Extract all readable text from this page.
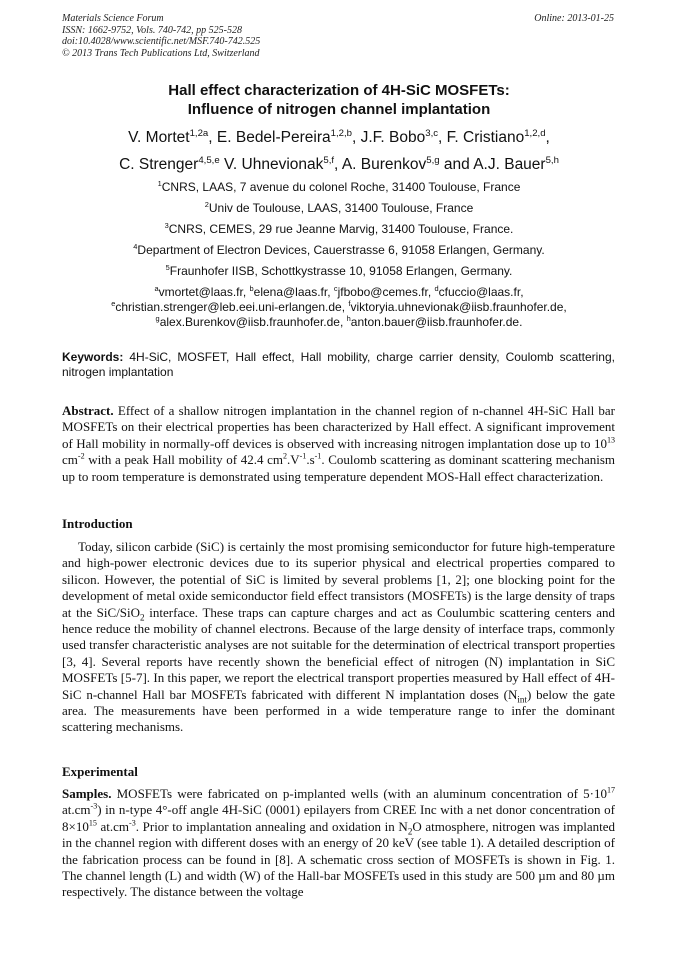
Materials Science Forum
ISSN: 1662-9752, Vols. 740-742, pp 525-528
doi:10.4028/www.scientific.net/MSF.740-742.525
© 2013 Trans Tech Publications Ltd, Switzerland
Online: 2013-01-25
Hall effect characterization of 4H-SiC MOSFETs:
Influence of nitrogen channel implantation
V. Mortet$^{1,2a}$, E. Bedel-Pereira$^{1,2,b}$, J.F. Bobo$^{3,c}$, F. Cristiano$^{1,2,d}$,
C. Strenger$^{4,5,e}$ V. Uhnevionak$^{5,f}$, A. Burenkov$^{5,g}$ and A.J. Bauer$^{5,h}$
$^1$CNRS, LAAS, 7 avenue du colonel Roche, 31400 Toulouse, France
$^2$Univ de Toulouse, LAAS, 31400 Toulouse, France
$^3$CNRS, CEMES, 29 rue Jeanne Marvig, 31400 Toulouse, France.
$^4$Department of Electron Devices, Cauerstrasse 6, 91058 Erlangen, Germany.
$^5$Fraunhofer IISB, Schottkystrasse 10, 91058 Erlangen, Germany.
$^a$vmortet@laas.fr, $^b$elena@laas.fr, $^c$jfbobo@cemes.fr, $^d$cfuccio@laas.fr,
$^e$christian.strenger@leb.eei.uni-erlangen.de, $^f$viktoryia.uhnevionak@iisb.fraunhofer.de,
$^g$alex.Burenkov@iisb.fraunhofer.de, $^h$anton.bauer@iisb.fraunhofer.de.
Keywords: 4H-SiC, MOSFET, Hall effect, Hall mobility, charge carrier density, Coulomb scattering, nitrogen implantation
Abstract. Effect of a shallow nitrogen implantation in the channel region of n-channel 4H-SiC Hall bar MOSFETs on their electrical properties has been characterized by Hall effect. A significant improvement of Hall mobility in normally-off devices is observed with increasing nitrogen implantation dose up to $10^{13}$ $cm^{-2}$ with a peak Hall mobility of 42.4 $cm^2.V^{-1}.s^{-1}$. Coulomb scattering as dominant scattering mechanism up to room temperature is demonstrated using temperature dependent MOS-Hall effect characterization.
Introduction
Today, silicon carbide (SiC) is certainly the most promising semiconductor for future high-temperature and high-power electronic devices due to its superior physical and electrical properties compared to silicon. However, the potential of SiC is limited by several problems [1, 2]; one blocking point for the development of metal oxide semiconductor field effect transistors (MOSFETs) is the large density of traps at the SiC/SiO$_2$ interface. These traps can capture charges and act as Coulumbic scattering centers and hence reduce the mobility of channel electrons. Because of the large density of interface traps, commonly used transfer characteristic analyses are not suitable for the determination of electrical transport properties [3, 4]. Several reports have recently shown the beneficial effect of nitrogen (N) implantation in SiC MOSFETs [5-7]. In this paper, we report the electrical transport properties measured by Hall effect of 4H-SiC n-channel Hall bar MOSFETs fabricated with different N implantation doses $(N_{int})$ below the gate area. The measurements have been performed in a wide temperature range to infer the dominant scattering mechanisms.
Experimental
Samples. MOSFETs were fabricated on p-implanted wells (with an aluminum concentration of $5\cdot 10^{17}$ $at.cm^{-3}$) in n-type 4°-off angle 4H-SiC (0001) epilayers from CREE Inc with a net donor concentration of $8\times 10^{15}$ $at.cm^{-3}$. Prior to implantation annealing and oxidation in $N_2O$ atmosphere, nitrogen was implanted in the channel region with different doses with an energy of 20 keV (see table 1). A detailed description of the fabrication process can be found in [8]. A schematic cross section of MOSFETs is shown in Fig. 1. The channel length (L) and width (W) of the Hall-bar MOSFETs used in this study are 500 µm and 80 µm respectively. The distance between the voltage
